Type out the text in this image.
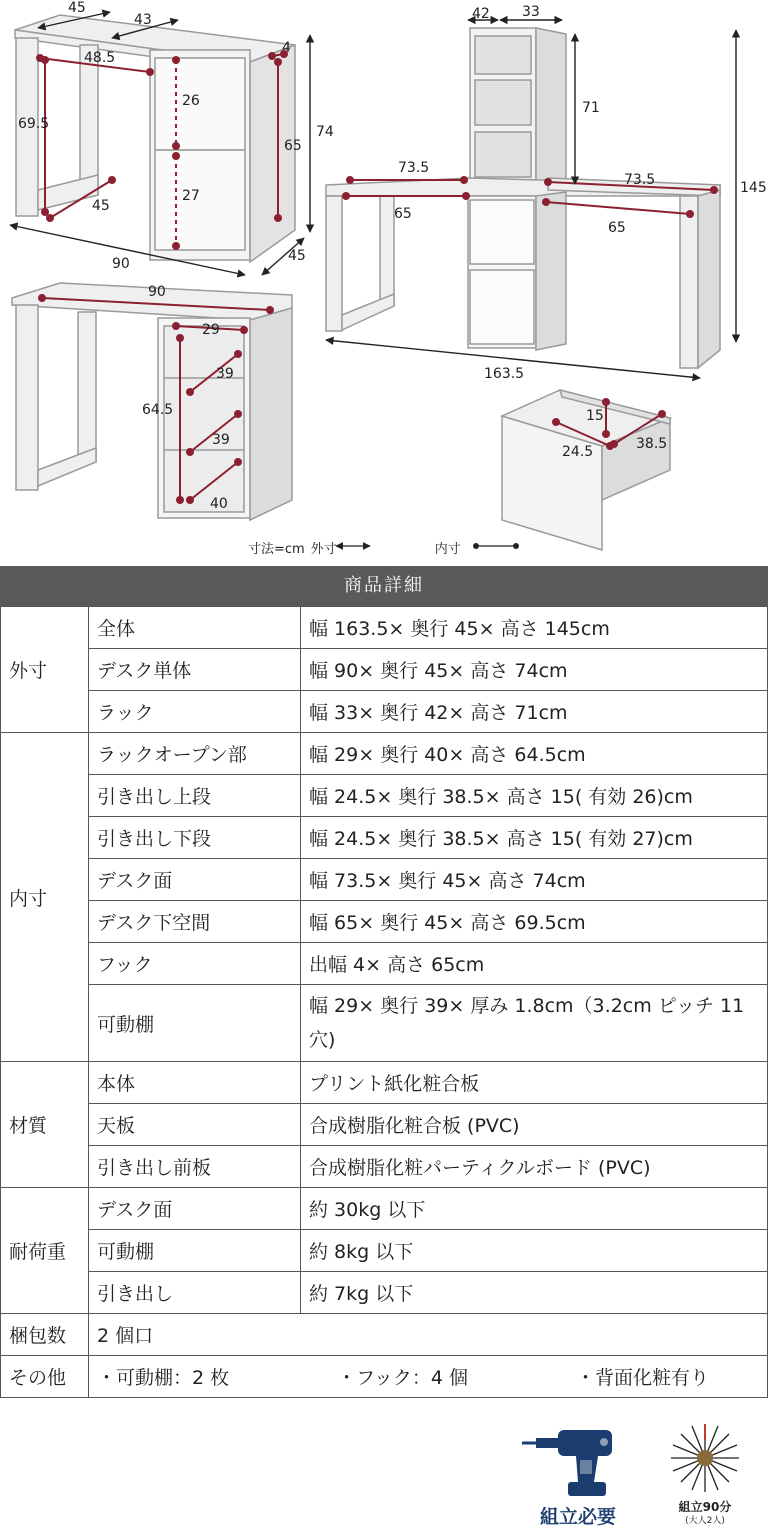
45
43
48.5
4
69.5
26
27
65
74
45
90	45
42 33
71
145
73.5
73.5
65
65
163.5
90
29
39
64.5
39
40
15
38.5
24.5
寸法=cm 外寸	内寸
商品詳細
外寸	全体	幅 163.5× 奥行 45× 高さ 145cm
	デスク単体	幅 90× 奥行 45× 高さ 74cm
	ラック	幅 33× 奥行 42× 高さ 71cm
内寸	ラックオープン部	幅 29× 奥行 40× 高さ 64.5cm
	引き出し上段	幅 24.5× 奥行 38.5× 高さ 15( 有効 26)cm
	引き出し下段	幅 24.5× 奥行 38.5× 高さ 15( 有効 27)cm
	デスク面	幅 73.5× 奥行 45× 高さ 74cm
	デスク下空間	幅 65× 奥行 45× 高さ 69.5cm
	フック	出幅 4× 高さ 65cm
	可動棚	幅 29× 奥行 39× 厚み 1.8cm（3.2cm ピッチ 11 穴)
材質	本体	プリント紙化粧合板
	天板	合成樹脂化粧合板 (PVC)
	引き出し前板	合成樹脂化粧パーティクルボード (PVC)
耐荷重	デスク面	約 30kg 以下
	可動棚	約 8kg 以下
	引き出し	約 7kg 以下
梱包数	2 個口	
その他	・可動棚：2 枚 ・フック：4 個 ・背面化粧有り	
組立必要	組立90分
(大人2人)
